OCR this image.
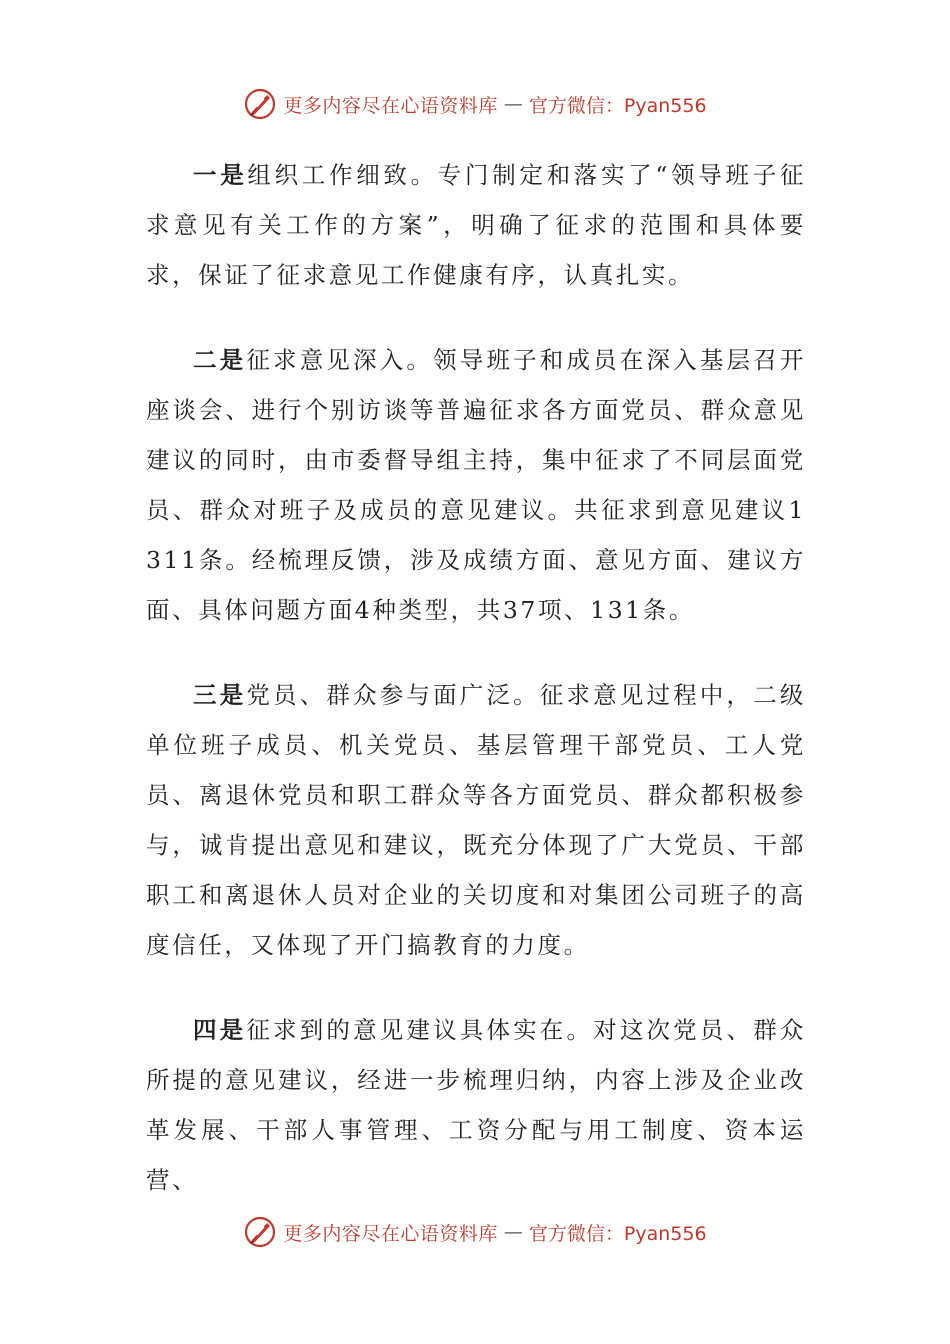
更多内容尽在心语资料库 — 官方微信：Pyan556

一是组织工作细致。专门制定和落实了“领导班子征求意见有关工作的方案”，明确了征求的范围和具体要求，保证了征求意见工作健康有序，认真扎实。

二是征求意见深入。领导班子和成员在深入基层召开座谈会、进行个别访谈等普遍征求各方面党员、群众意见建议的同时，由市委督导组主持，集中征求了不同层面党员、群众对班子及成员的意见建议。共征求到意见建议1311条。经梳理反馈，涉及成绩方面、意见方面、建议方面、具体问题方面4种类型，共37项、131条。

三是党员、群众参与面广泛。征求意见过程中，二级单位班子成员、机关党员、基层管理干部党员、工人党员、离退休党员和职工群众等各方面党员、群众都积极参与，诚肯提出意见和建议，既充分体现了广大党员、干部职工和离退休人员对企业的关切度和对集团公司班子的高度信任，又体现了开门搞教育的力度。

四是征求到的意见建议具体实在。对这次党员、群众所提的意见建议，经进一步梳理归纳，内容上涉及企业改革发展、干部人事管理、工资分配与用工制度、资本运营、

更多内容尽在心语资料库 — 官方微信：Pyan556
